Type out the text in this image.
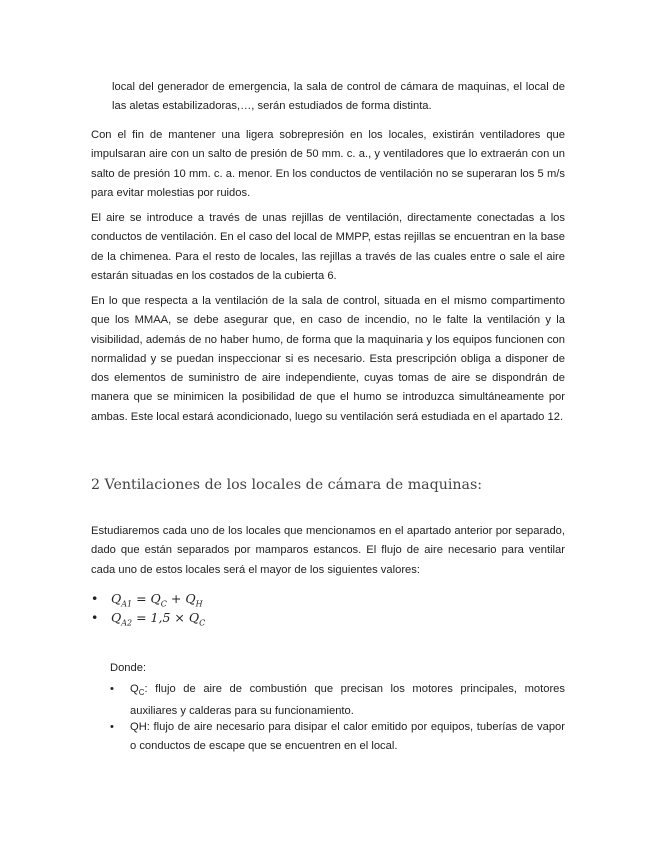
local del generador de emergencia, la sala de control de cámara de maquinas, el local de las aletas estabilizadoras,…, serán estudiados de forma distinta.

Con el fin de mantener una ligera sobrepresión en los locales, existirán ventiladores que impulsaran aire con un salto de presión de 50 mm. c. a., y ventiladores que lo extraerán con un salto de presión 10 mm. c. a. menor. En los conductos de ventilación no se superaran los 5 m/s para evitar molestias por ruidos.

El aire se introduce a través de unas rejillas de ventilación, directamente conectadas a los conductos de ventilación. En el caso del local de MMPP, estas rejillas se encuentran en la base de la chimenea. Para el resto de locales, las rejillas a través de las cuales entre o sale el aire estarán situadas en los costados de la cubierta 6.

En lo que respecta a la ventilación de la sala de control, situada en el mismo compartimento que los MMAA, se debe asegurar que, en caso de incendio, no le falte la ventilación y la visibilidad, además de no haber humo, de forma que la maquinaria y los equipos funcionen con normalidad y se puedan inspeccionar si es necesario. Esta prescripción obliga a disponer de dos elementos de suministro de aire independiente, cuyas tomas de aire se dispondrán de manera que se minimicen la posibilidad de que el humo se introduzca simultáneamente por ambas. Este local estará acondicionado, luego su ventilación será estudiada en el apartado 12.

2 Ventilaciones de los locales de cámara de maquinas:

Estudiaremos cada uno de los locales que mencionamos en el apartado anterior por separado, dado que están separados por mamparos estancos. El flujo de aire necesario para ventilar cada uno de estos locales será el mayor de los siguientes valores:

• $Q_{A1} = Q_C + Q_H$
• $Q_{A2} = 1,5 \times Q_C$
Donde:
• $Q_C$: flujo de aire de combustión que precisan los motores principales, motores auxiliares y calderas para su funcionamiento.
• QH: flujo de aire necesario para disipar el calor emitido por equipos, tuberías de vapor o conductos de escape que se encuentren en el local.
